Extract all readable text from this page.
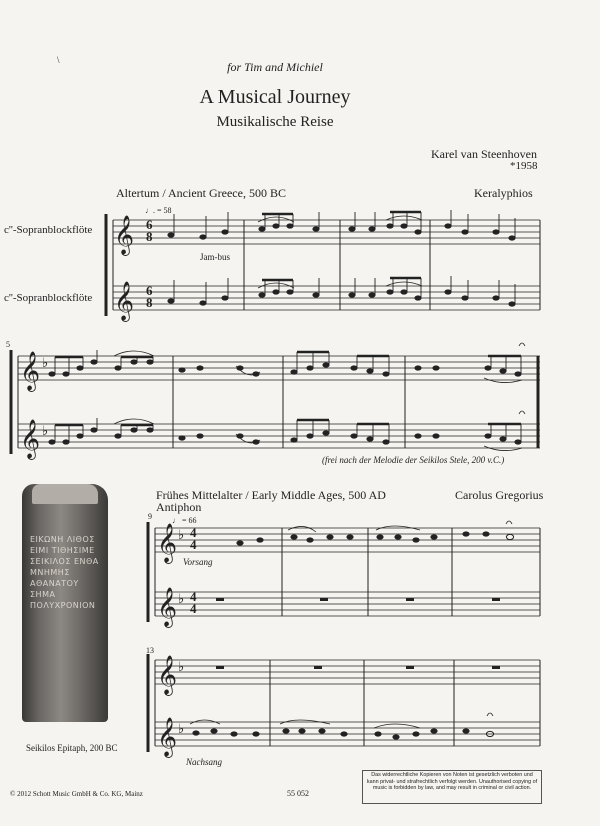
\	for Tim and Michiel
A Musical Journey
Musikalische Reise
Karel van Steenhoven
*1958
Altertum / Ancient Greece, 500 BC	Keralyphios
♩. = 58
c''-Sopranblockflöte
c''-Sopranblockflöte
Jam-bus
5
𝄞
𝄞
𝄞
𝄞
𝄞
𝄞
𝄞
𝄞
♭
♭
♭
♭
♭
♭
6
8
6
8
4
4
4
4
(frei nach der Melodie der Seikilos Stele, 200 v.C.)
ΕΙΚΩΝΗ ΛΙΘΟΣ ΕΙΜΙ ΤΙΘΗΣΙΜΕ ΣΕΙΚΙΛΟΣ ΕΝΘΑ ΜΝΗΜΗΣ ΑΘΑΝΑΤΟΥ ΣΗΜΑ ΠΟΛΥΧΡΟΝΙΟΝ
Seikilos Epitaph, 200 BC
Frühes Mittelalter / Early Middle Ages, 500 AD
Antiphon
Carolus Gregorius
9	♩ = 66
Vorsang
13
Nachsang
© 2012 Schott Music GmbH & Co. KG, Mainz	55 052
Das widerrechtliche Kopieren von Noten ist gesetzlich verboten und kann privat- und strafrechtlich verfolgt werden. Unauthorised copying of music is forbidden by law, and may result in criminal or civil action.
